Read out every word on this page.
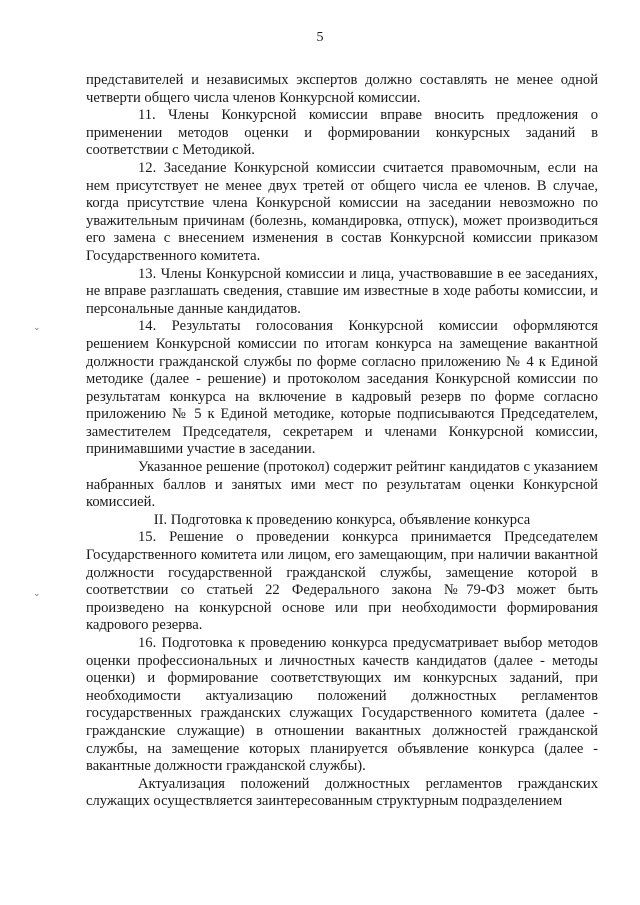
5
⌄
⌄

представителей и независимых экспертов должно составлять не менее одной четверти общего числа членов Конкурсной комиссии.

11. Члены Конкурсной комиссии вправе вносить предложения о применении методов оценки и формировании конкурсных заданий в соответствии с Методикой.

12. Заседание Конкурсной комиссии считается правомочным, если на нем присутствует не менее двух третей от общего числа ее членов. В случае, когда присутствие члена Конкурсной комиссии на заседании невозможно по уважительным причинам (болезнь, командировка, отпуск), может производиться его замена с внесением изменения в состав Конкурсной комиссии приказом Государственного комитета.

13. Члены Конкурсной комиссии и лица, участвовавшие в ее заседаниях, не вправе разглашать сведения, ставшие им известные в ходе работы комиссии, и персональные данные кандидатов.

14. Результаты голосования Конкурсной комиссии оформляются решением Конкурсной комиссии по итогам конкурса на замещение вакантной должности гражданской службы по форме согласно приложению № 4 к Единой методике (далее - решение) и протоколом заседания Конкурсной комиссии по результатам конкурса на включение в кадровый резерв по форме согласно приложению № 5 к Единой методике, которые подписываются Председателем, заместителем Председателя, секретарем и членами Конкурсной комиссии, принимавшими участие в заседании.

Указанное решение (протокол) содержит рейтинг кандидатов с указанием набранных баллов и занятых ими мест по результатам оценки Конкурсной комиссией.

II. Подготовка к проведению конкурса, объявление конкурса

15. Решение о проведении конкурса принимается Председателем Государственного комитета или лицом, его замещающим, при наличии вакантной должности государственной гражданской службы, замещение которой в соответствии со статьей 22 Федерального закона №79-ФЗ может быть произведено на конкурсной основе или при необходимости формирования кадрового резерва.

16. Подготовка к проведению конкурса предусматривает выбор методов оценки профессиональных и личностных качеств кандидатов (далее - методы оценки) и формирование соответствующих им конкурсных заданий, при необходимости актуализацию положений должностных регламентов государственных гражданских служащих Государственного комитета (далее - гражданские служащие) в отношении вакантных должностей гражданской службы, на замещение которых планируется объявление конкурса (далее - вакантные должности гражданской службы).

Актуализация положений должностных регламентов гражданских служащих осуществляется заинтересованным структурным подразделением
